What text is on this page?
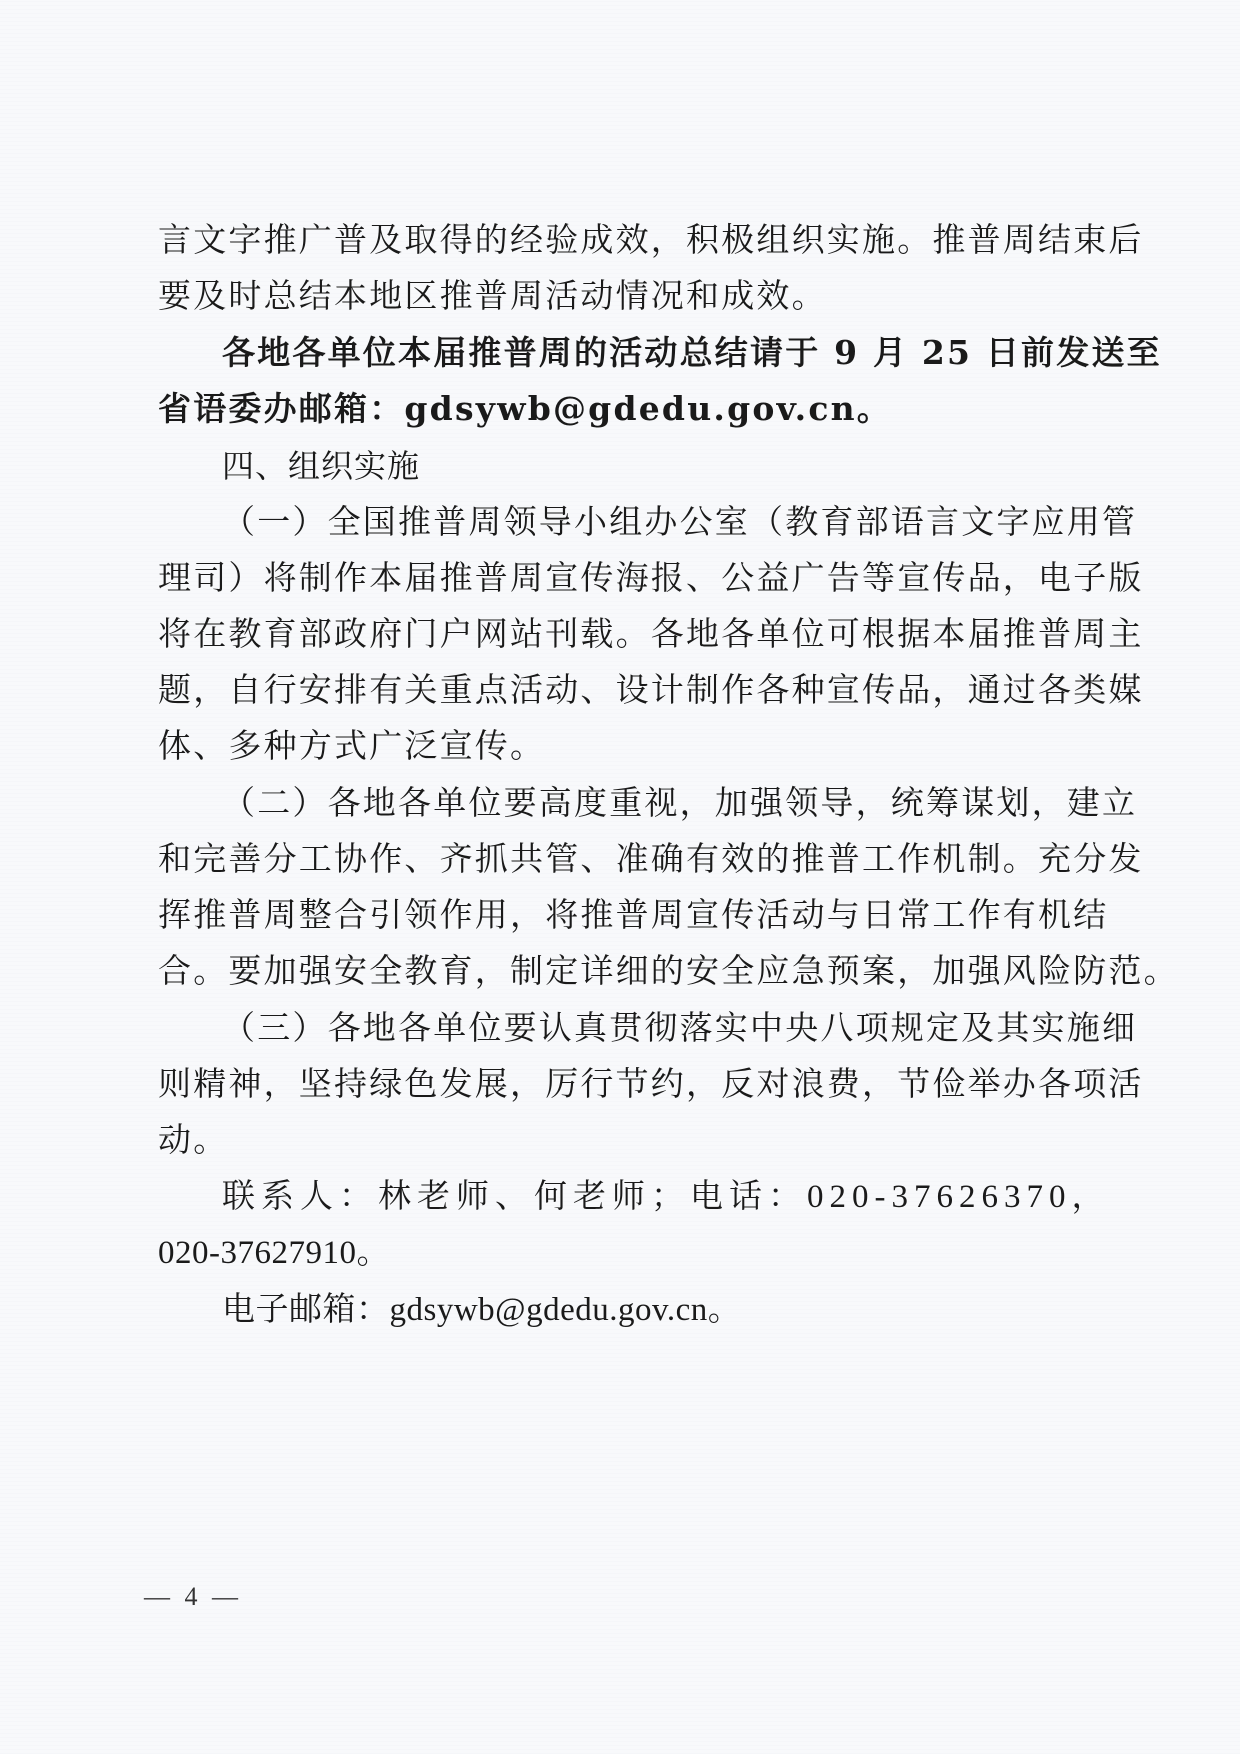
言文字推广普及取得的经验成效，积极组织实施。推普周结束后
要及时总结本地区推普周活动情况和成效。
各地各单位本届推普周的活动总结请于 9 月 25 日前发送至
省语委办邮箱：gdsywb@gdedu.gov.cn。
四、组织实施
（一）全国推普周领导小组办公室（教育部语言文字应用管
理司）将制作本届推普周宣传海报、公益广告等宣传品，电子版
将在教育部政府门户网站刊载。各地各单位可根据本届推普周主
题，自行安排有关重点活动、设计制作各种宣传品，通过各类媒
体、多种方式广泛宣传。
（二）各地各单位要高度重视，加强领导，统筹谋划，建立
和完善分工协作、齐抓共管、准确有效的推普工作机制。充分发
挥推普周整合引领作用，将推普周宣传活动与日常工作有机结
合。要加强安全教育，制定详细的安全应急预案，加强风险防范。
（三）各地各单位要认真贯彻落实中央八项规定及其实施细
则精神，坚持绿色发展，厉行节约，反对浪费，节俭举办各项活
动。
联系人：林老师、何老师；电话：020-37626370，
020-37627910。
电子邮箱：gdsywb@gdedu.gov.cn。
— 4 —
